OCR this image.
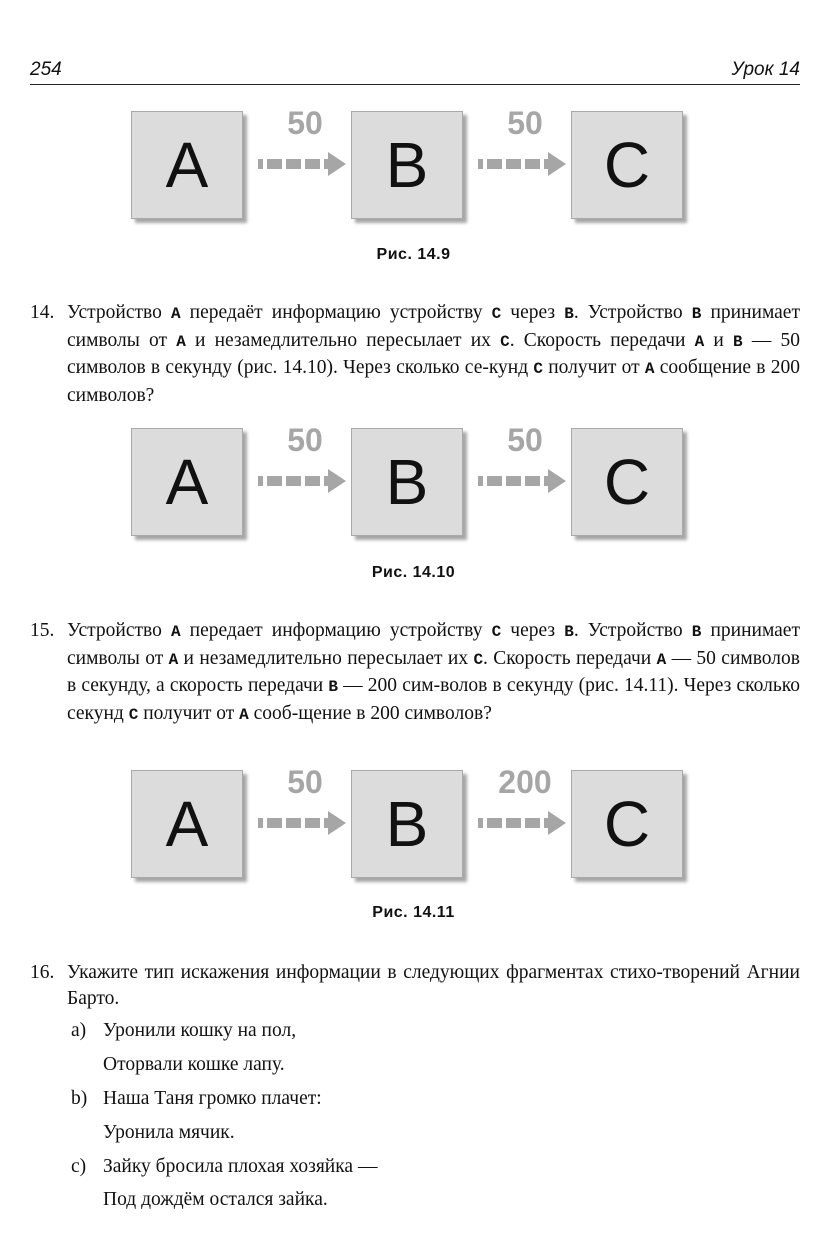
254	Урок 14
A
50
B
50
C
Рис. 14.9
14. Устройство A передаёт информацию устройству C через B. Устройство B принимает символы от A и незамедлительно пересылает их C. Скорость передачи A и B — 50 символов в секунду (рис. 14.10). Через сколько се-кунд C получит от A сообщение в 200 символов?
A
50
B
50
C
Рис. 14.10
15. Устройство A передает информацию устройству C через B. Устройство B принимает символы от A и незамедлительно пересылает их C. Скорость передачи A — 50 символов в секунду, а скорость передачи B — 200 сим-волов в секунду (рис. 14.11). Через сколько секунд C получит от A сооб-щение в 200 символов?
A
50
B
200
C
Рис. 14.11
16. Укажите тип искажения информации в следующих фрагментах стихо-творений Агнии Барто.
a) Уронили кошку на пол,
Оторвали кошке лапу.
b) Наша Таня громко плачет:
Уронила мячик.
c) Зайку бросила плохая хозяйка —
Под дождём остался зайка.
